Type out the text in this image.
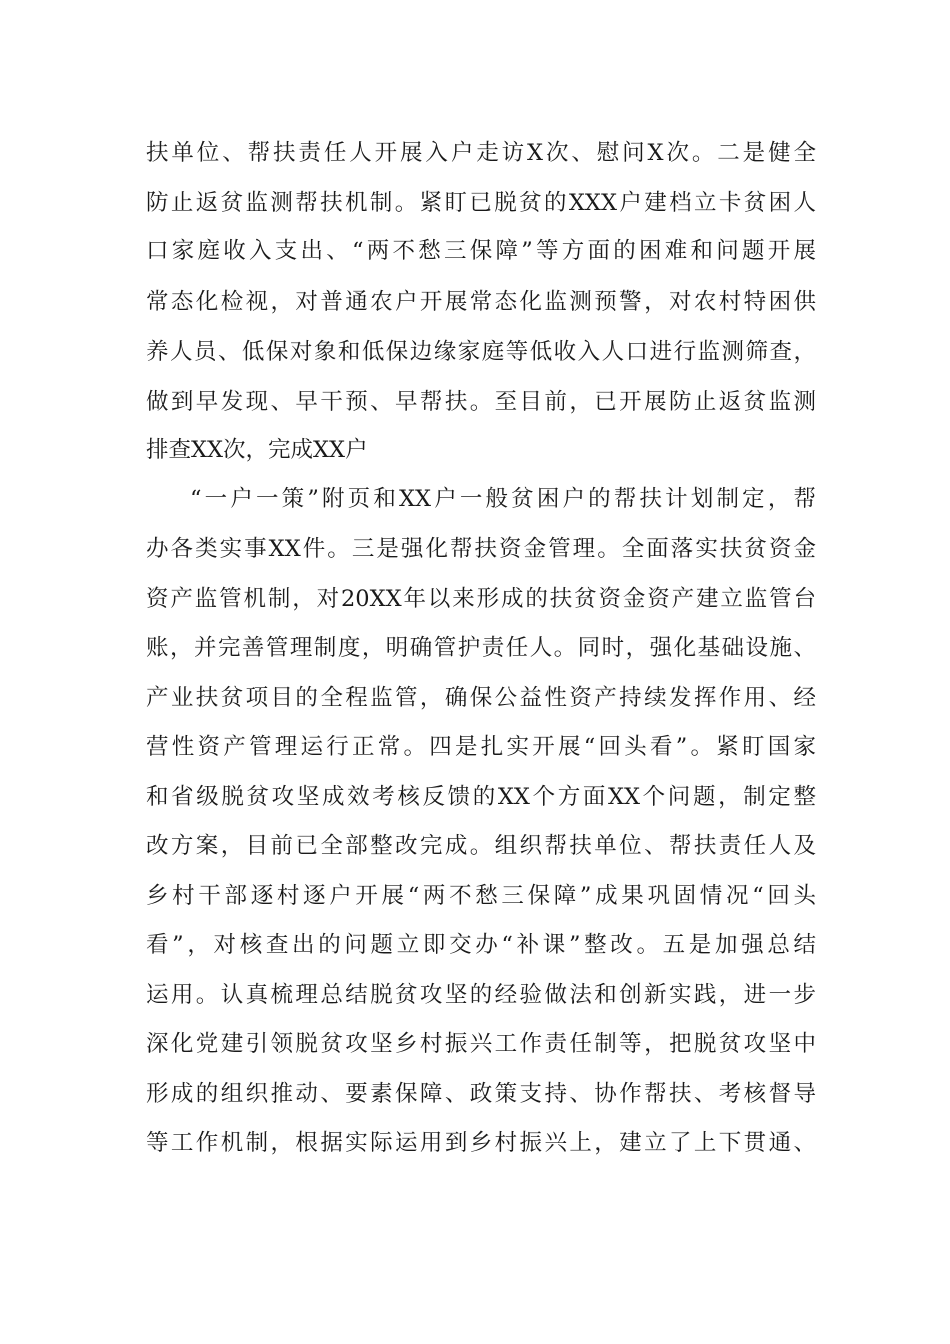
扶单位、帮扶责任人开展入户走访X次、慰问X次。二是健全

防止返贫监测帮扶机制。紧盯已脱贫的XXX户建档立卡贫困人

口家庭收入支出、“两不愁三保障”等方面的困难和问题开展

常态化检视，对普通农户开展常态化监测预警，对农村特困供

养人员、低保对象和低保边缘家庭等低收入人口进行监测筛查，

做到早发现、早干预、早帮扶。至目前，已开展防止返贫监测

排查XX次，完成XX户

“一户一策”附页和XX户一般贫困户的帮扶计划制定，帮

办各类实事XX件。三是强化帮扶资金管理。全面落实扶贫资金

资产监管机制，对20XX年以来形成的扶贫资金资产建立监管台

账，并完善管理制度，明确管护责任人。同时，强化基础设施、

产业扶贫项目的全程监管，确保公益性资产持续发挥作用、经

营性资产管理运行正常。四是扎实开展“回头看”。紧盯国家

和省级脱贫攻坚成效考核反馈的XX个方面XX个问题，制定整

改方案，目前已全部整改完成。组织帮扶单位、帮扶责任人及

乡村干部逐村逐户开展“两不愁三保障”成果巩固情况“回头

看”，对核查出的问题立即交办“补课”整改。五是加强总结

运用。认真梳理总结脱贫攻坚的经验做法和创新实践，进一步

深化党建引领脱贫攻坚乡村振兴工作责任制等，把脱贫攻坚中

形成的组织推动、要素保障、政策支持、协作帮扶、考核督导

等工作机制，根据实际运用到乡村振兴上，建立了上下贯通、
